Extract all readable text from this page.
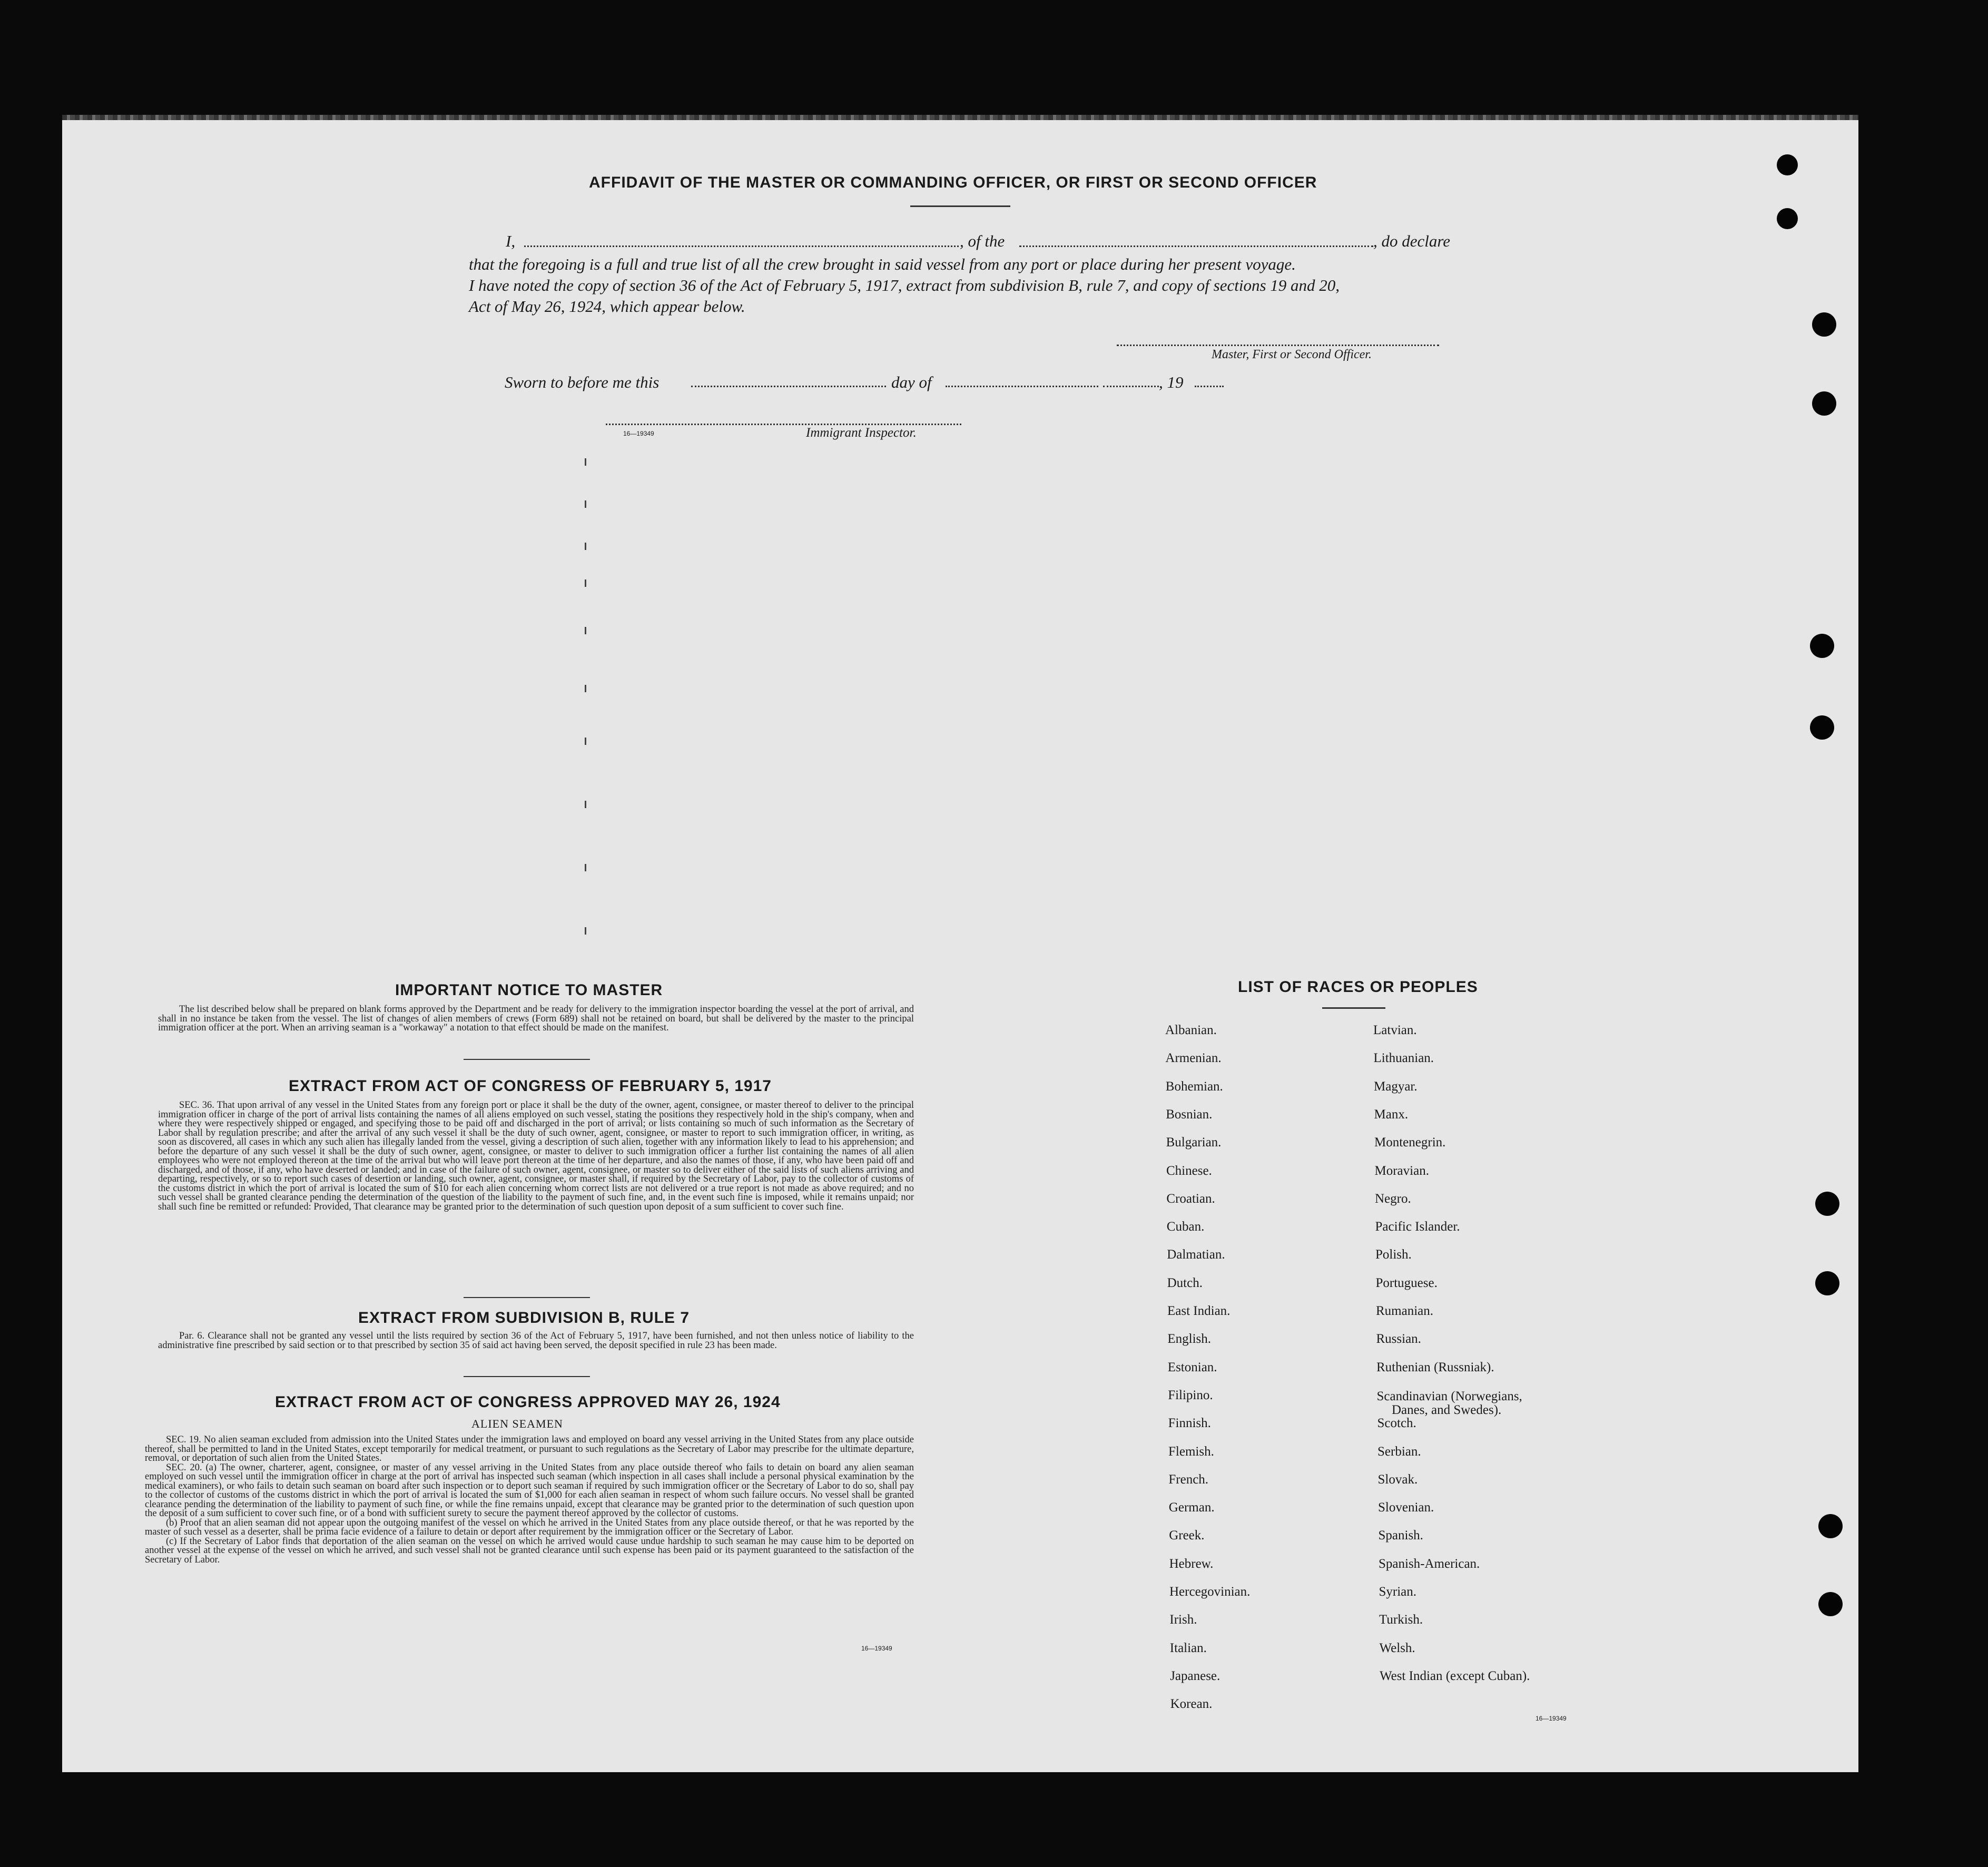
AFFIDAVIT OF THE MASTER OR COMMANDING OFFICER, OR FIRST OR SECOND OFFICER
I,	, of the	, do declare
that the foregoing is a full and true list of all the crew brought in said vessel from any port or place during her present voyage.
I have noted the copy of section 36 of the Act of February 5, 1917, extract from subdivision B, rule 7, and copy of sections 19 and 20,
Act of May 26, 1924, which appear below.
Master, First or Second Officer.
Sworn to before me this	day of	, 19
16—19349	Immigrant Inspector.
IMPORTANT NOTICE TO MASTER

The list described below shall be prepared on blank forms approved by the Department and be ready for delivery to the immigration inspector boarding the vessel at the port of arrival, and shall in no instance be taken from the vessel. The list of changes of alien members of crews (Form 689) shall not be retained on board, but shall be delivered by the master to the principal immigration officer at the port. When an arriving seaman is a "workaway" a notation to that effect should be made on the manifest.

EXTRACT FROM ACT OF CONGRESS OF FEBRUARY 5, 1917

SEC. 36. That upon arrival of any vessel in the United States from any foreign port or place it shall be the duty of the owner, agent, consignee, or master thereof to deliver to the principal immigration officer in charge of the port of arrival lists containing the names of all aliens employed on such vessel, stating the positions they respectively hold in the ship's company, when and where they were respectively shipped or engaged, and specifying those to be paid off and discharged in the port of arrival; or lists containing so much of such information as the Secretary of Labor shall by regulation prescribe; and after the arrival of any such vessel it shall be the duty of such owner, agent, consignee, or master to report to such immigration officer, in writing, as soon as discovered, all cases in which any such alien has illegally landed from the vessel, giving a description of such alien, together with any information likely to lead to his apprehension; and before the departure of any such vessel it shall be the duty of such owner, agent, consignee, or master to deliver to such immigration officer a further list containing the names of all alien employees who were not employed thereon at the time of the arrival but who will leave port thereon at the time of her departure, and also the names of those, if any, who have been paid off and discharged, and of those, if any, who have deserted or landed; and in case of the failure of such owner, agent, consignee, or master so to deliver either of the said lists of such aliens arriving and departing, respectively, or so to report such cases of desertion or landing, such owner, agent, consignee, or master shall, if required by the Secretary of Labor, pay to the collector of customs of the customs district in which the port of arrival is located the sum of $10 for each alien concerning whom correct lists are not delivered or a true report is not made as above required; and no such vessel shall be granted clearance pending the determination of the question of the liability to the payment of such fine, and, in the event such fine is imposed, while it remains unpaid; nor shall such fine be remitted or refunded: Provided, That clearance may be granted prior to the determination of such question upon deposit of a sum sufficient to cover such fine.

EXTRACT FROM SUBDIVISION B, RULE 7

Par. 6. Clearance shall not be granted any vessel until the lists required by section 36 of the Act of February 5, 1917, have been furnished, and not then unless notice of liability to the administrative fine prescribed by said section or to that prescribed by section 35 of said act having been served, the deposit specified in rule 23 has been made.

EXTRACT FROM ACT OF CONGRESS APPROVED MAY 26, 1924
ALIEN SEAMEN

SEC. 19. No alien seaman excluded from admission into the United States under the immigration laws and employed on board any vessel arriving in the United States from any place outside thereof, shall be permitted to land in the United States, except temporarily for medical treatment, or pursuant to such regulations as the Secretary of Labor may prescribe for the ultimate departure, removal, or deportation of such alien from the United States.

SEC. 20. (a) The owner, charterer, agent, consignee, or master of any vessel arriving in the United States from any place outside thereof who fails to detain on board any alien seaman employed on such vessel until the immigration officer in charge at the port of arrival has inspected such seaman (which inspection in all cases shall include a personal physical examination by the medical examiners), or who fails to detain such seaman on board after such inspection or to deport such seaman if required by such immigration officer or the Secretary of Labor to do so, shall pay to the collector of customs of the customs district in which the port of arrival is located the sum of $1,000 for each alien seaman in respect of whom such failure occurs. No vessel shall be granted clearance pending the determination of the liability to payment of such fine, or while the fine remains unpaid, except that clearance may be granted prior to the determination of such question upon the deposit of a sum sufficient to cover such fine, or of a bond with sufficient surety to secure the payment thereof approved by the collector of customs.

(b) Proof that an alien seaman did not appear upon the outgoing manifest of the vessel on which he arrived in the United States from any place outside thereof, or that he was reported by the master of such vessel as a deserter, shall be prima facie evidence of a failure to detain or deport after requirement by the immigration officer or the Secretary of Labor.

(c) If the Secretary of Labor finds that deportation of the alien seaman on the vessel on which he arrived would cause undue hardship to such seaman he may cause him to be deported on another vessel at the expense of the vessel on which he arrived, and such vessel shall not be granted clearance until such expense has been paid or its payment guaranteed to the satisfaction of the Secretary of Labor.

16—19349
LIST OF RACES OR PEOPLES
Albanian.
Armenian.
Bohemian.
Bosnian.
Bulgarian.
Chinese.
Croatian.
Cuban.
Dalmatian.
Dutch.
East Indian.
English.
Estonian.
Filipino.
Finnish.
Flemish.
French.
German.
Greek.
Hebrew.
Hercegovinian.
Irish.
Italian.
Japanese.
Korean.
Latvian.
Lithuanian.
Magyar.
Manx.
Montenegrin.
Moravian.
Negro.
Pacific Islander.
Polish.
Portuguese.
Rumanian.
Russian.
Ruthenian (Russniak).
Scandinavian (Norwegians,
Danes, and Swedes).
Scotch.
Serbian.
Slovak.
Slovenian.
Spanish.
Spanish-American.
Syrian.
Turkish.
Welsh.
West Indian (except Cuban).
16—19349
